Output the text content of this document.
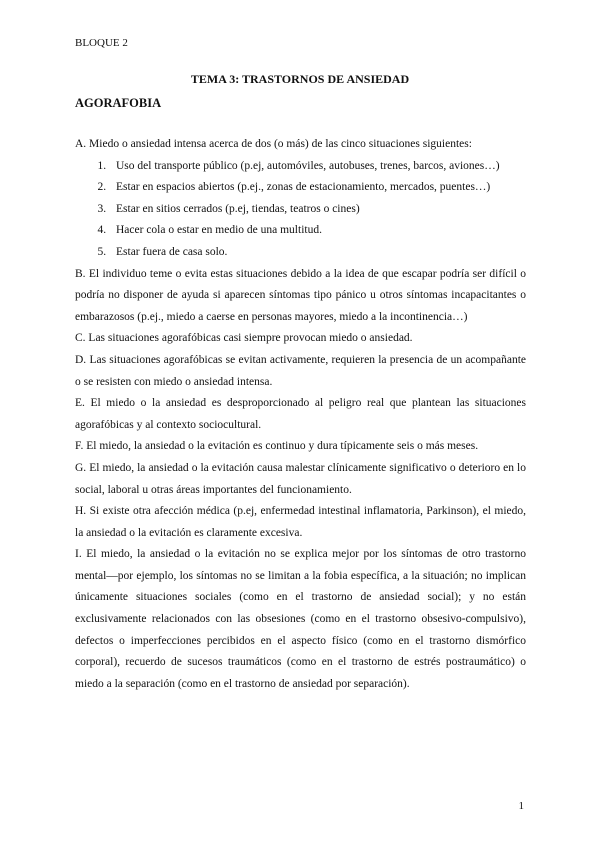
BLOQUE 2
TEMA 3: TRASTORNOS DE ANSIEDAD
AGORAFOBIA

A. Miedo o ansiedad intensa acerca de dos (o más) de las cinco situaciones siguientes:

1. Uso del transporte público (p.ej, automóviles, autobuses, trenes, barcos, aviones…)
2. Estar en espacios abiertos (p.ej., zonas de estacionamiento, mercados, puentes…)
3. Estar en sitios cerrados (p.ej, tiendas, teatros o cines)
4. Hacer cola o estar en medio de una multitud.
5. Estar fuera de casa solo.

B. El individuo teme o evita estas situaciones debido a la idea de que escapar podría ser difícil o podría no disponer de ayuda si aparecen síntomas tipo pánico u otros síntomas incapacitantes o embarazosos (p.ej., miedo a caerse en personas mayores, miedo a la incontinencia…)

C. Las situaciones agorafóbicas casi siempre provocan miedo o ansiedad.

D. Las situaciones agorafóbicas se evitan activamente, requieren la presencia de un acompañante o se resisten con miedo o ansiedad intensa.

E. El miedo o la ansiedad es desproporcionado al peligro real que plantean las situaciones agorafóbicas y al contexto sociocultural.

F. El miedo, la ansiedad o la evitación es continuo y dura típicamente seis o más meses.

G. El miedo, la ansiedad o la evitación causa malestar clínicamente significativo o deterioro en lo social, laboral u otras áreas importantes del funcionamiento.

H. Si existe otra afección médica (p.ej, enfermedad intestinal inflamatoria, Parkinson), el miedo, la ansiedad o la evitación es claramente excesiva.

I. El miedo, la ansiedad o la evitación no se explica mejor por los síntomas de otro trastorno mental—por ejemplo, los síntomas no se limitan a la fobia específica, a la situación; no implican únicamente situaciones sociales (como en el trastorno de ansiedad social); y no están exclusivamente relacionados con las obsesiones (como en el trastorno obsesivo-compulsivo), defectos o imperfecciones percibidos en el aspecto físico (como en el trastorno dismórfico corporal), recuerdo de sucesos traumáticos (como en el trastorno de estrés postraumático) o miedo a la separación (como en el trastorno de ansiedad por separación).

1
